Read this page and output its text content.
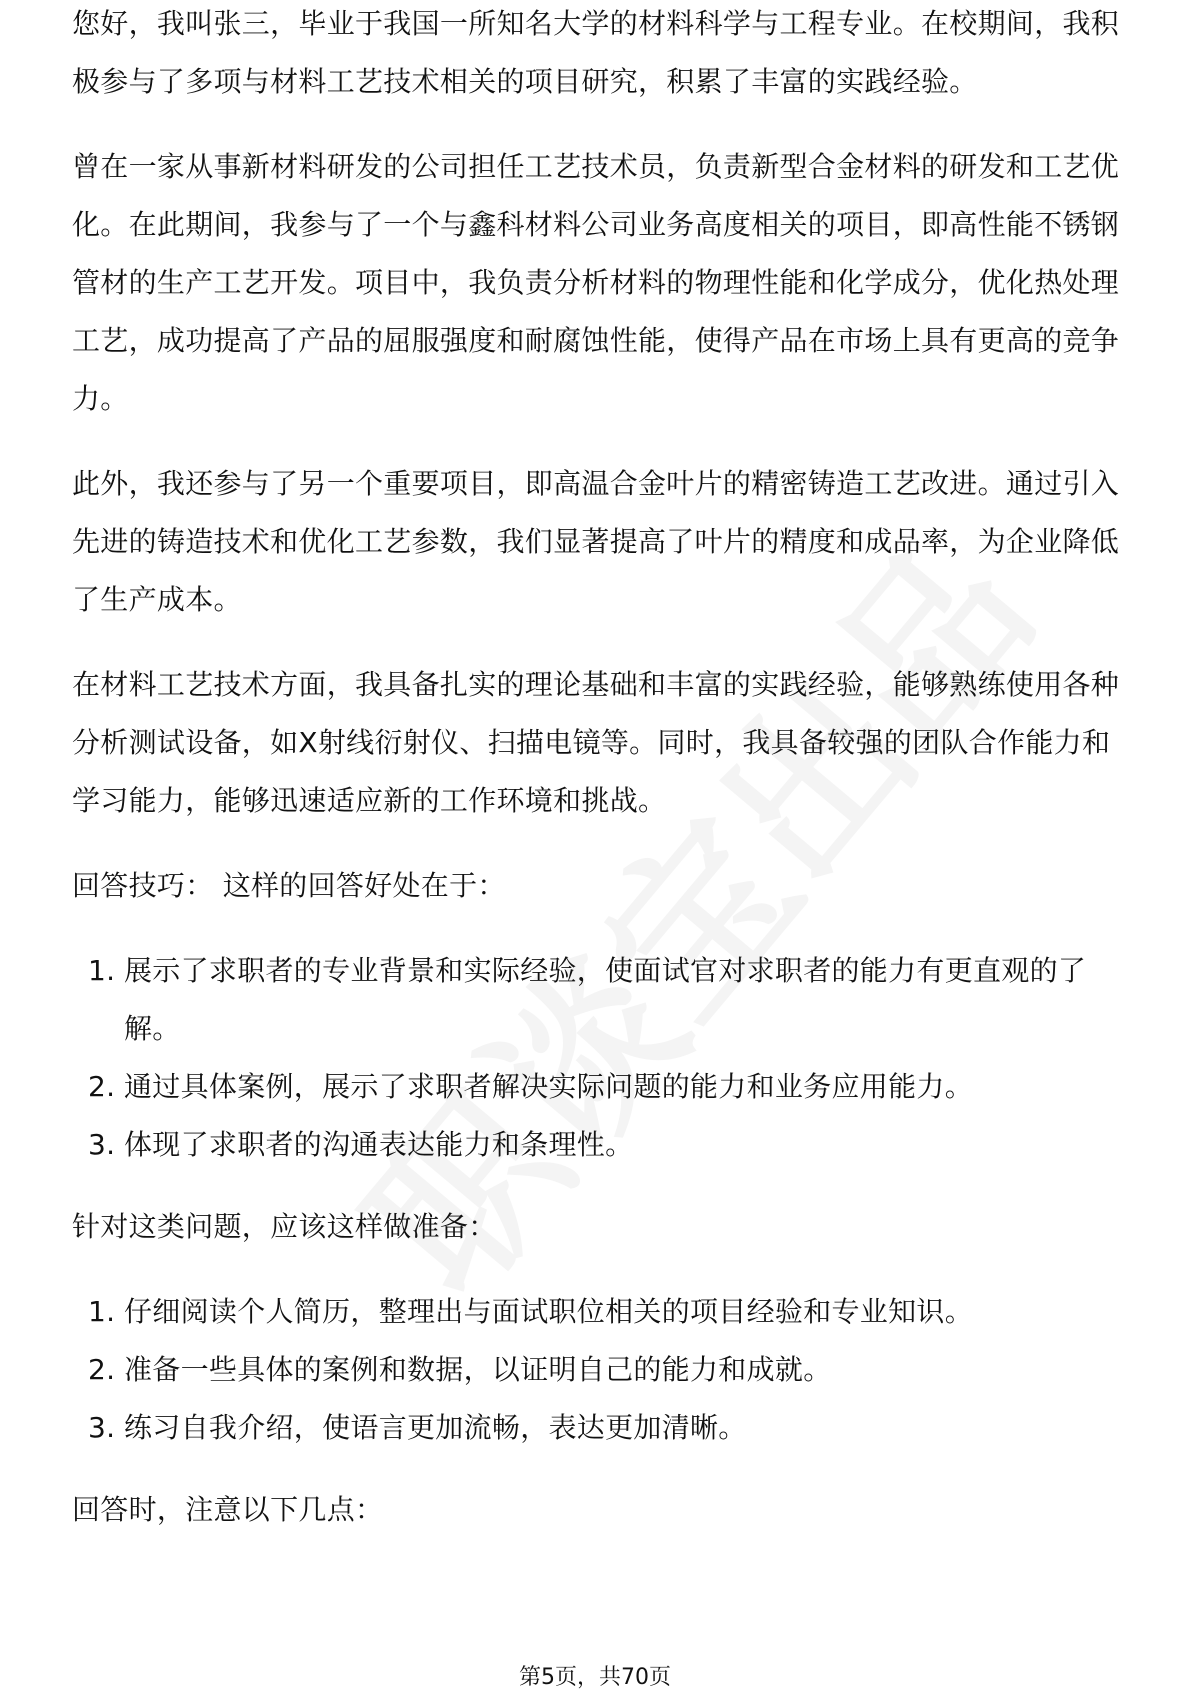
您好，我叫张三，毕业于我国一所知名大学的材料科学与工程专业。在校期间，我积极参与了多项与材料工艺技术相关的项目研究，积累了丰富的实践经验。

曾在一家从事新材料研发的公司担任工艺技术员，负责新型合金材料的研发和工艺优化。在此期间，我参与了一个与鑫科材料公司业务高度相关的项目，即高性能不锈钢管材的生产工艺开发。项目中，我负责分析材料的物理性能和化学成分，优化热处理工艺，成功提高了产品的屈服强度和耐腐蚀性能，使得产品在市场上具有更高的竞争力。

此外，我还参与了另一个重要项目，即高温合金叶片的精密铸造工艺改进。通过引入先进的铸造技术和优化工艺参数，我们显著提高了叶片的精度和成品率，为企业降低了生产成本。

在材料工艺技术方面，我具备扎实的理论基础和丰富的实践经验，能够熟练使用各种分析测试设备，如X射线衍射仪、扫描电镜等。同时，我具备较强的团队合作能力和学习能力，能够迅速适应新的工作环境和挑战。

回答技巧： 这样的回答好处在于：

1. 展示了求职者的专业背景和实际经验，使面试官对求职者的能力有更直观的了解。
2. 通过具体案例，展示了求职者解决实际问题的能力和业务应用能力。
3. 体现了求职者的沟通表达能力和条理性。

针对这类问题，应该这样做准备：

1. 仔细阅读个人简历，整理出与面试职位相关的项目经验和专业知识。
2. 准备一些具体的案例和数据，以证明自己的能力和成就。
3. 练习自我介绍，使语言更加流畅，表达更加清晰。

回答时，注意以下几点：

第5页，共70页
